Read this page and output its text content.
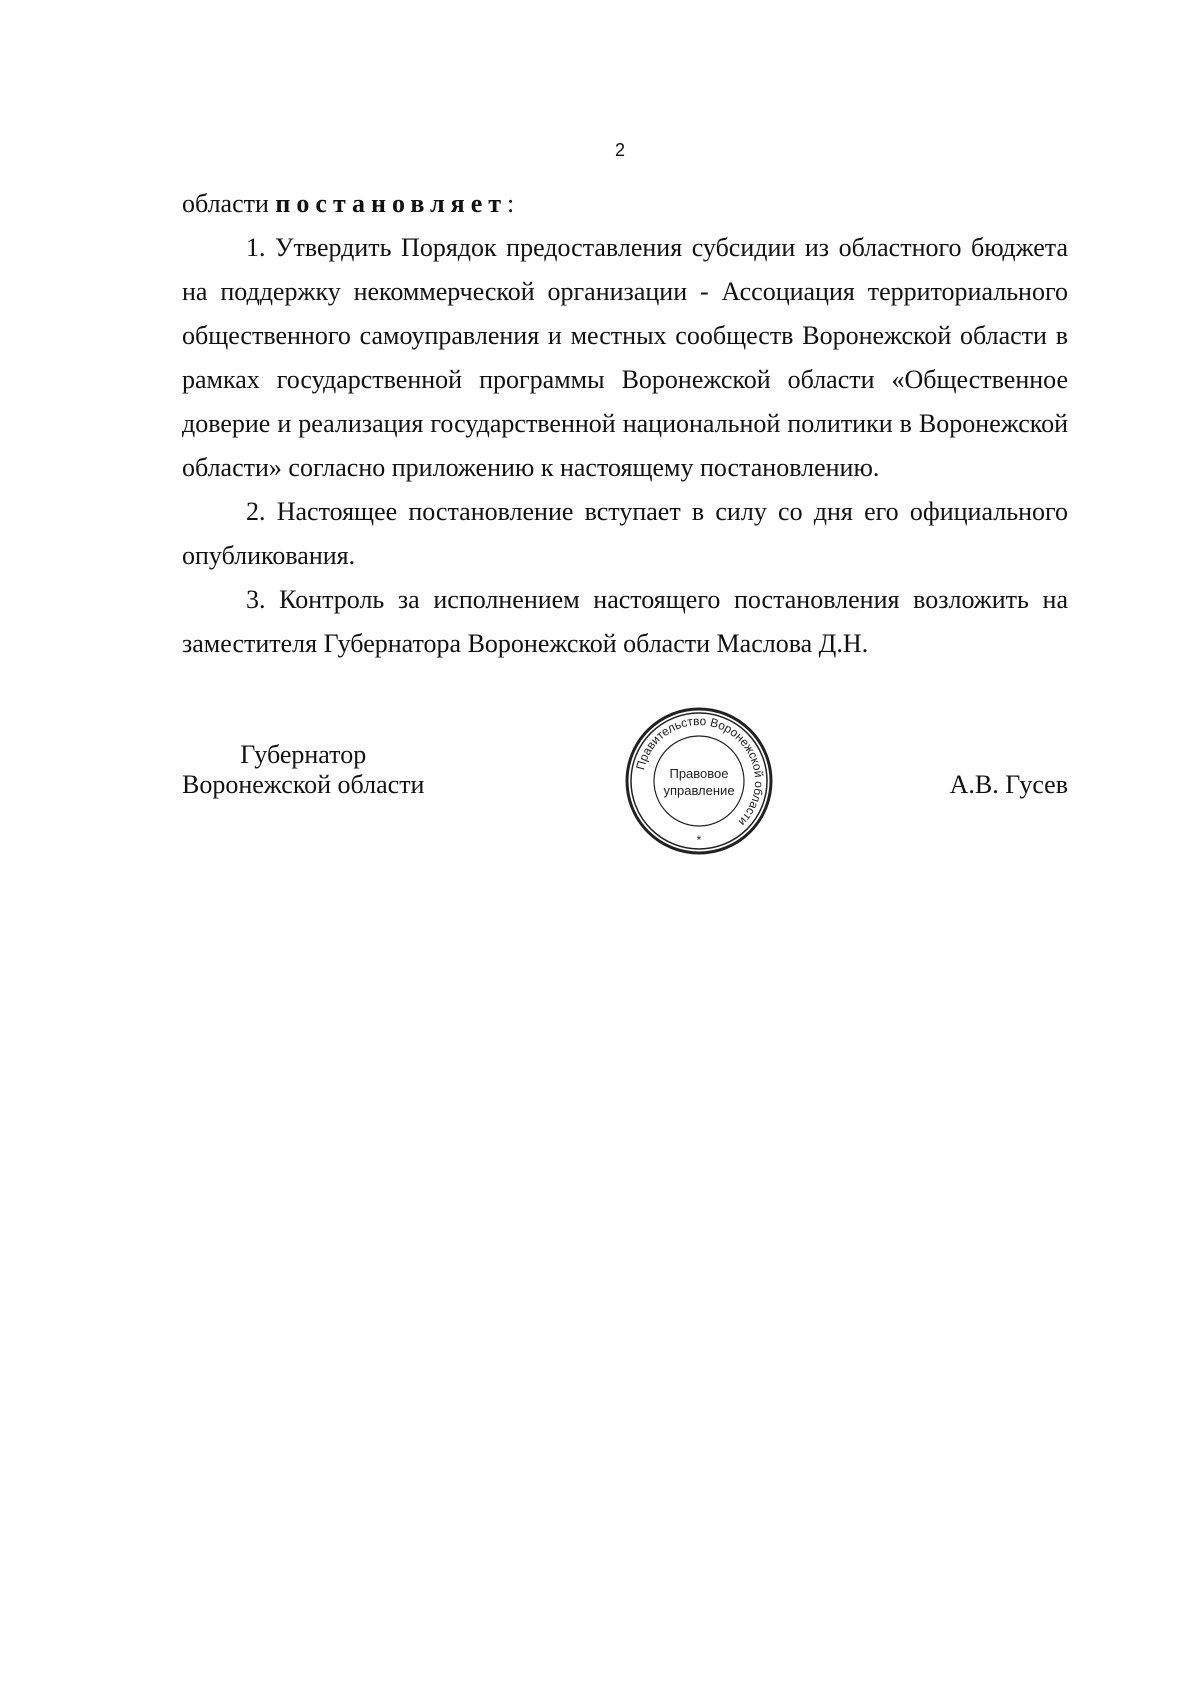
2

области постановляет:

1. Утвердить Порядок предоставления субсидии из областного бюджета на поддержку некоммерческой организации - Ассоциация территориального общественного самоуправления и местных сообществ Воронежской области в рамках государственной программы Воронежской области «Общественное доверие и реализация государственной национальной политики в Воронежской области» согласно приложению к настоящему постановлению.

2. Настоящее постановление вступает в силу со дня его официального опубликования.

3. Контроль за исполнением настоящего постановления возложить на заместителя Губернатора Воронежской области Маслова Д.Н.

Губернатор
Воронежской области
Правительство Воронежской области
Правовое
управление
*
А.В. Гусев
